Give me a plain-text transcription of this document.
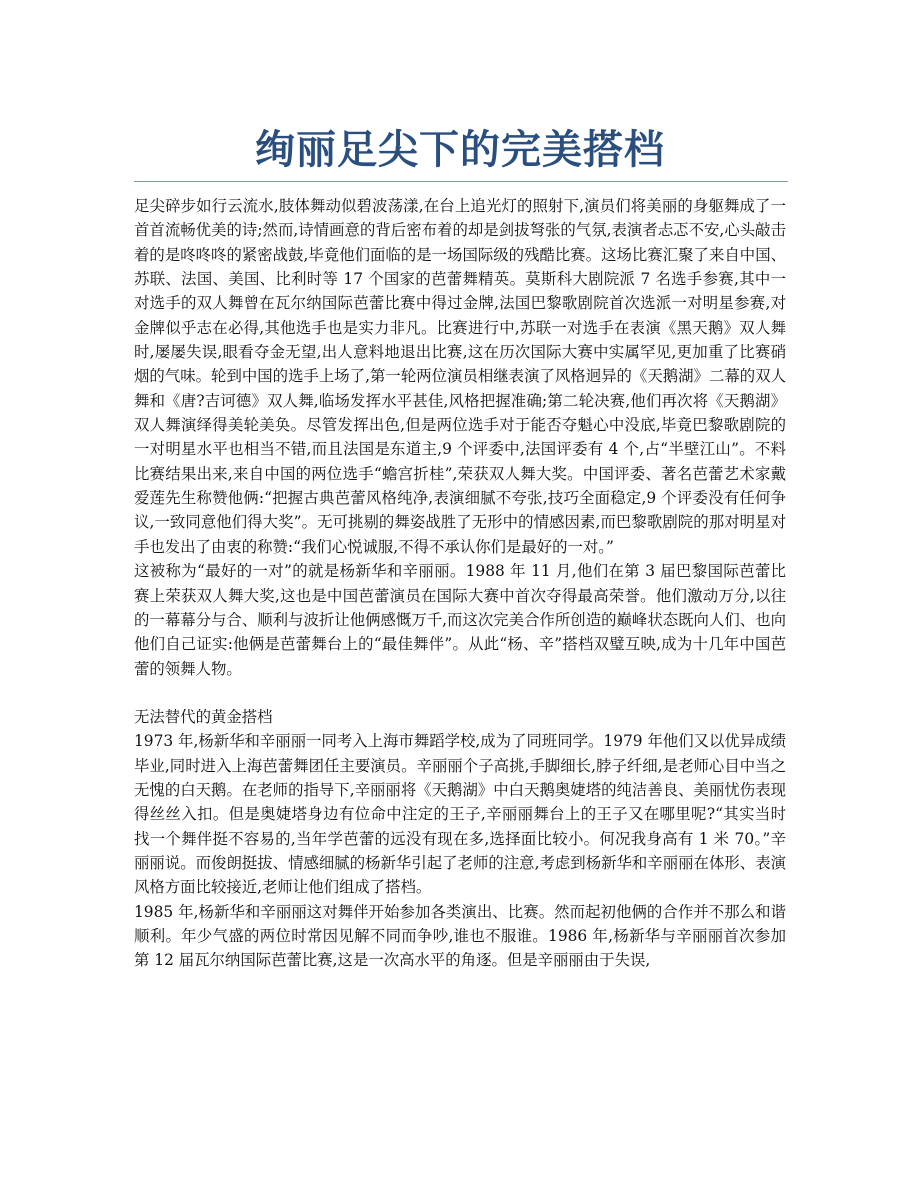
绚丽足尖下的完美搭档

足尖碎步如行云流水,肢体舞动似碧波荡漾,在台上追光灯的照射下,演员们将美丽的身躯舞成了一首首流畅优美的诗;然而,诗情画意的背后密布着的却是剑拔弩张的气氛,表演者忐忑不安,心头敲击着的是咚咚咚的紧密战鼓,毕竟他们面临的是一场国际级的残酷比赛。这场比赛汇聚了来自中国、苏联、法国、美国、比利时等 17 个国家的芭蕾舞精英。莫斯科大剧院派 7 名选手参赛,其中一对选手的双人舞曾在瓦尔纳国际芭蕾比赛中得过金牌,法国巴黎歌剧院首次选派一对明星参赛,对金牌似乎志在必得,其他选手也是实力非凡。比赛进行中,苏联一对选手在表演《黑天鹅》双人舞时,屡屡失误,眼看夺金无望,出人意料地退出比赛,这在历次国际大赛中实属罕见,更加重了比赛硝烟的气味。轮到中国的选手上场了,第一轮两位演员相继表演了风格迥异的《天鹅湖》二幕的双人舞和《唐?吉诃德》双人舞,临场发挥水平甚佳,风格把握准确;第二轮决赛,他们再次将《天鹅湖》双人舞演绎得美轮美奂。尽管发挥出色,但是两位选手对于能否夺魁心中没底,毕竟巴黎歌剧院的一对明星水平也相当不错,而且法国是东道主,9 个评委中,法国评委有 4 个,占“半壁江山”。不料比赛结果出来,来自中国的两位选手“蟾宫折桂”,荣获双人舞大奖。中国评委、著名芭蕾艺术家戴爱莲先生称赞他俩:“把握古典芭蕾风格纯净,表演细腻不夸张,技巧全面稳定,9 个评委没有任何争议,一致同意他们得大奖”。无可挑剔的舞姿战胜了无形中的情感因素,而巴黎歌剧院的那对明星对手也发出了由衷的称赞:“我们心悦诚服,不得不承认你们是最好的一对。”

这被称为“最好的一对”的就是杨新华和辛丽丽。1988 年 11 月,他们在第 3 届巴黎国际芭蕾比赛上荣获双人舞大奖,这也是中国芭蕾演员在国际大赛中首次夺得最高荣誉。他们激动万分,以往的一幕幕分与合、顺利与波折让他俩感慨万千,而这次完美合作所创造的巅峰状态既向人们、也向他们自己证实:他俩是芭蕾舞台上的“最佳舞伴”。从此“杨、辛”搭档双璧互映,成为十几年中国芭蕾的领舞人物。

无法替代的黄金搭档

1973 年,杨新华和辛丽丽一同考入上海市舞蹈学校,成为了同班同学。1979 年他们又以优异成绩毕业,同时进入上海芭蕾舞团任主要演员。辛丽丽个子高挑,手脚细长,脖子纤细,是老师心目中当之无愧的白天鹅。在老师的指导下,辛丽丽将《天鹅湖》中白天鹅奥婕塔的纯洁善良、美丽忧伤表现得丝丝入扣。但是奥婕塔身边有位命中注定的王子,辛丽丽舞台上的王子又在哪里呢?“其实当时找一个舞伴挺不容易的,当年学芭蕾的远没有现在多,选择面比较小。何况我身高有 1 米 70。”辛丽丽说。而俊朗挺拔、情感细腻的杨新华引起了老师的注意,考虑到杨新华和辛丽丽在体形、表演风格方面比较接近,老师让他们组成了搭档。

1985 年,杨新华和辛丽丽这对舞伴开始参加各类演出、比赛。然而起初他俩的合作并不那么和谐顺利。年少气盛的两位时常因见解不同而争吵,谁也不服谁。1986 年,杨新华与辛丽丽首次参加第 12 届瓦尔纳国际芭蕾比赛,这是一次高水平的角逐。但是辛丽丽由于失误,
